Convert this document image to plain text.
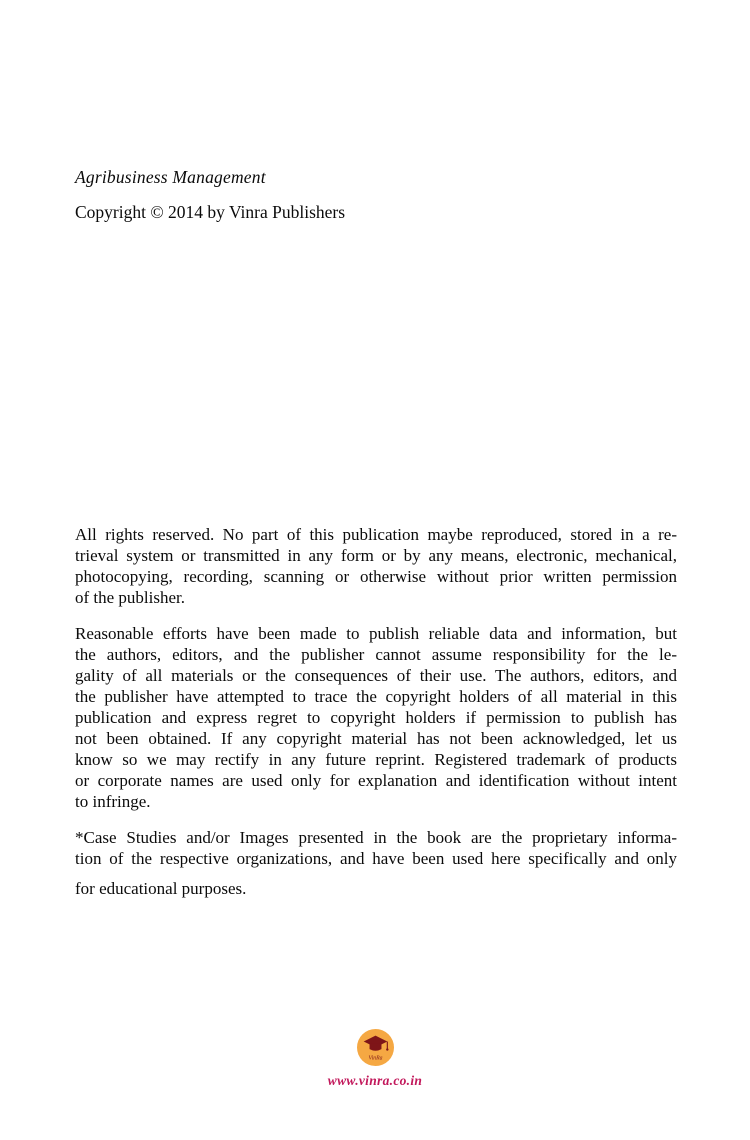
Agribusiness Management
Copyright © 2014 by Vinra Publishers
All rights reserved. No part of this publication maybe reproduced, stored in a re-
trieval system or transmitted in any form or by any means, electronic, mechanical,
photocopying, recording, scanning or otherwise without prior written permission
of the publisher.
Reasonable efforts have been made to publish reliable data and information, but
the authors, editors, and the publisher cannot assume responsibility for the le-
gality of all materials or the consequences of their use. The authors, editors, and
the publisher have attempted to trace the copyright holders of all material in this
publication and express regret to copyright holders if permission to publish has
not been obtained. If any copyright material has not been acknowledged, let us
know so we may rectify in any future reprint. Registered trademark of products
or corporate names are used only for explanation and identification without intent
to infringe.
*Case Studies and/or Images presented in the book are the proprietary informa-
tion of the respective organizations, and have been used here specifically and only
for educational purposes.
VinRa
www.vinra.co.in
